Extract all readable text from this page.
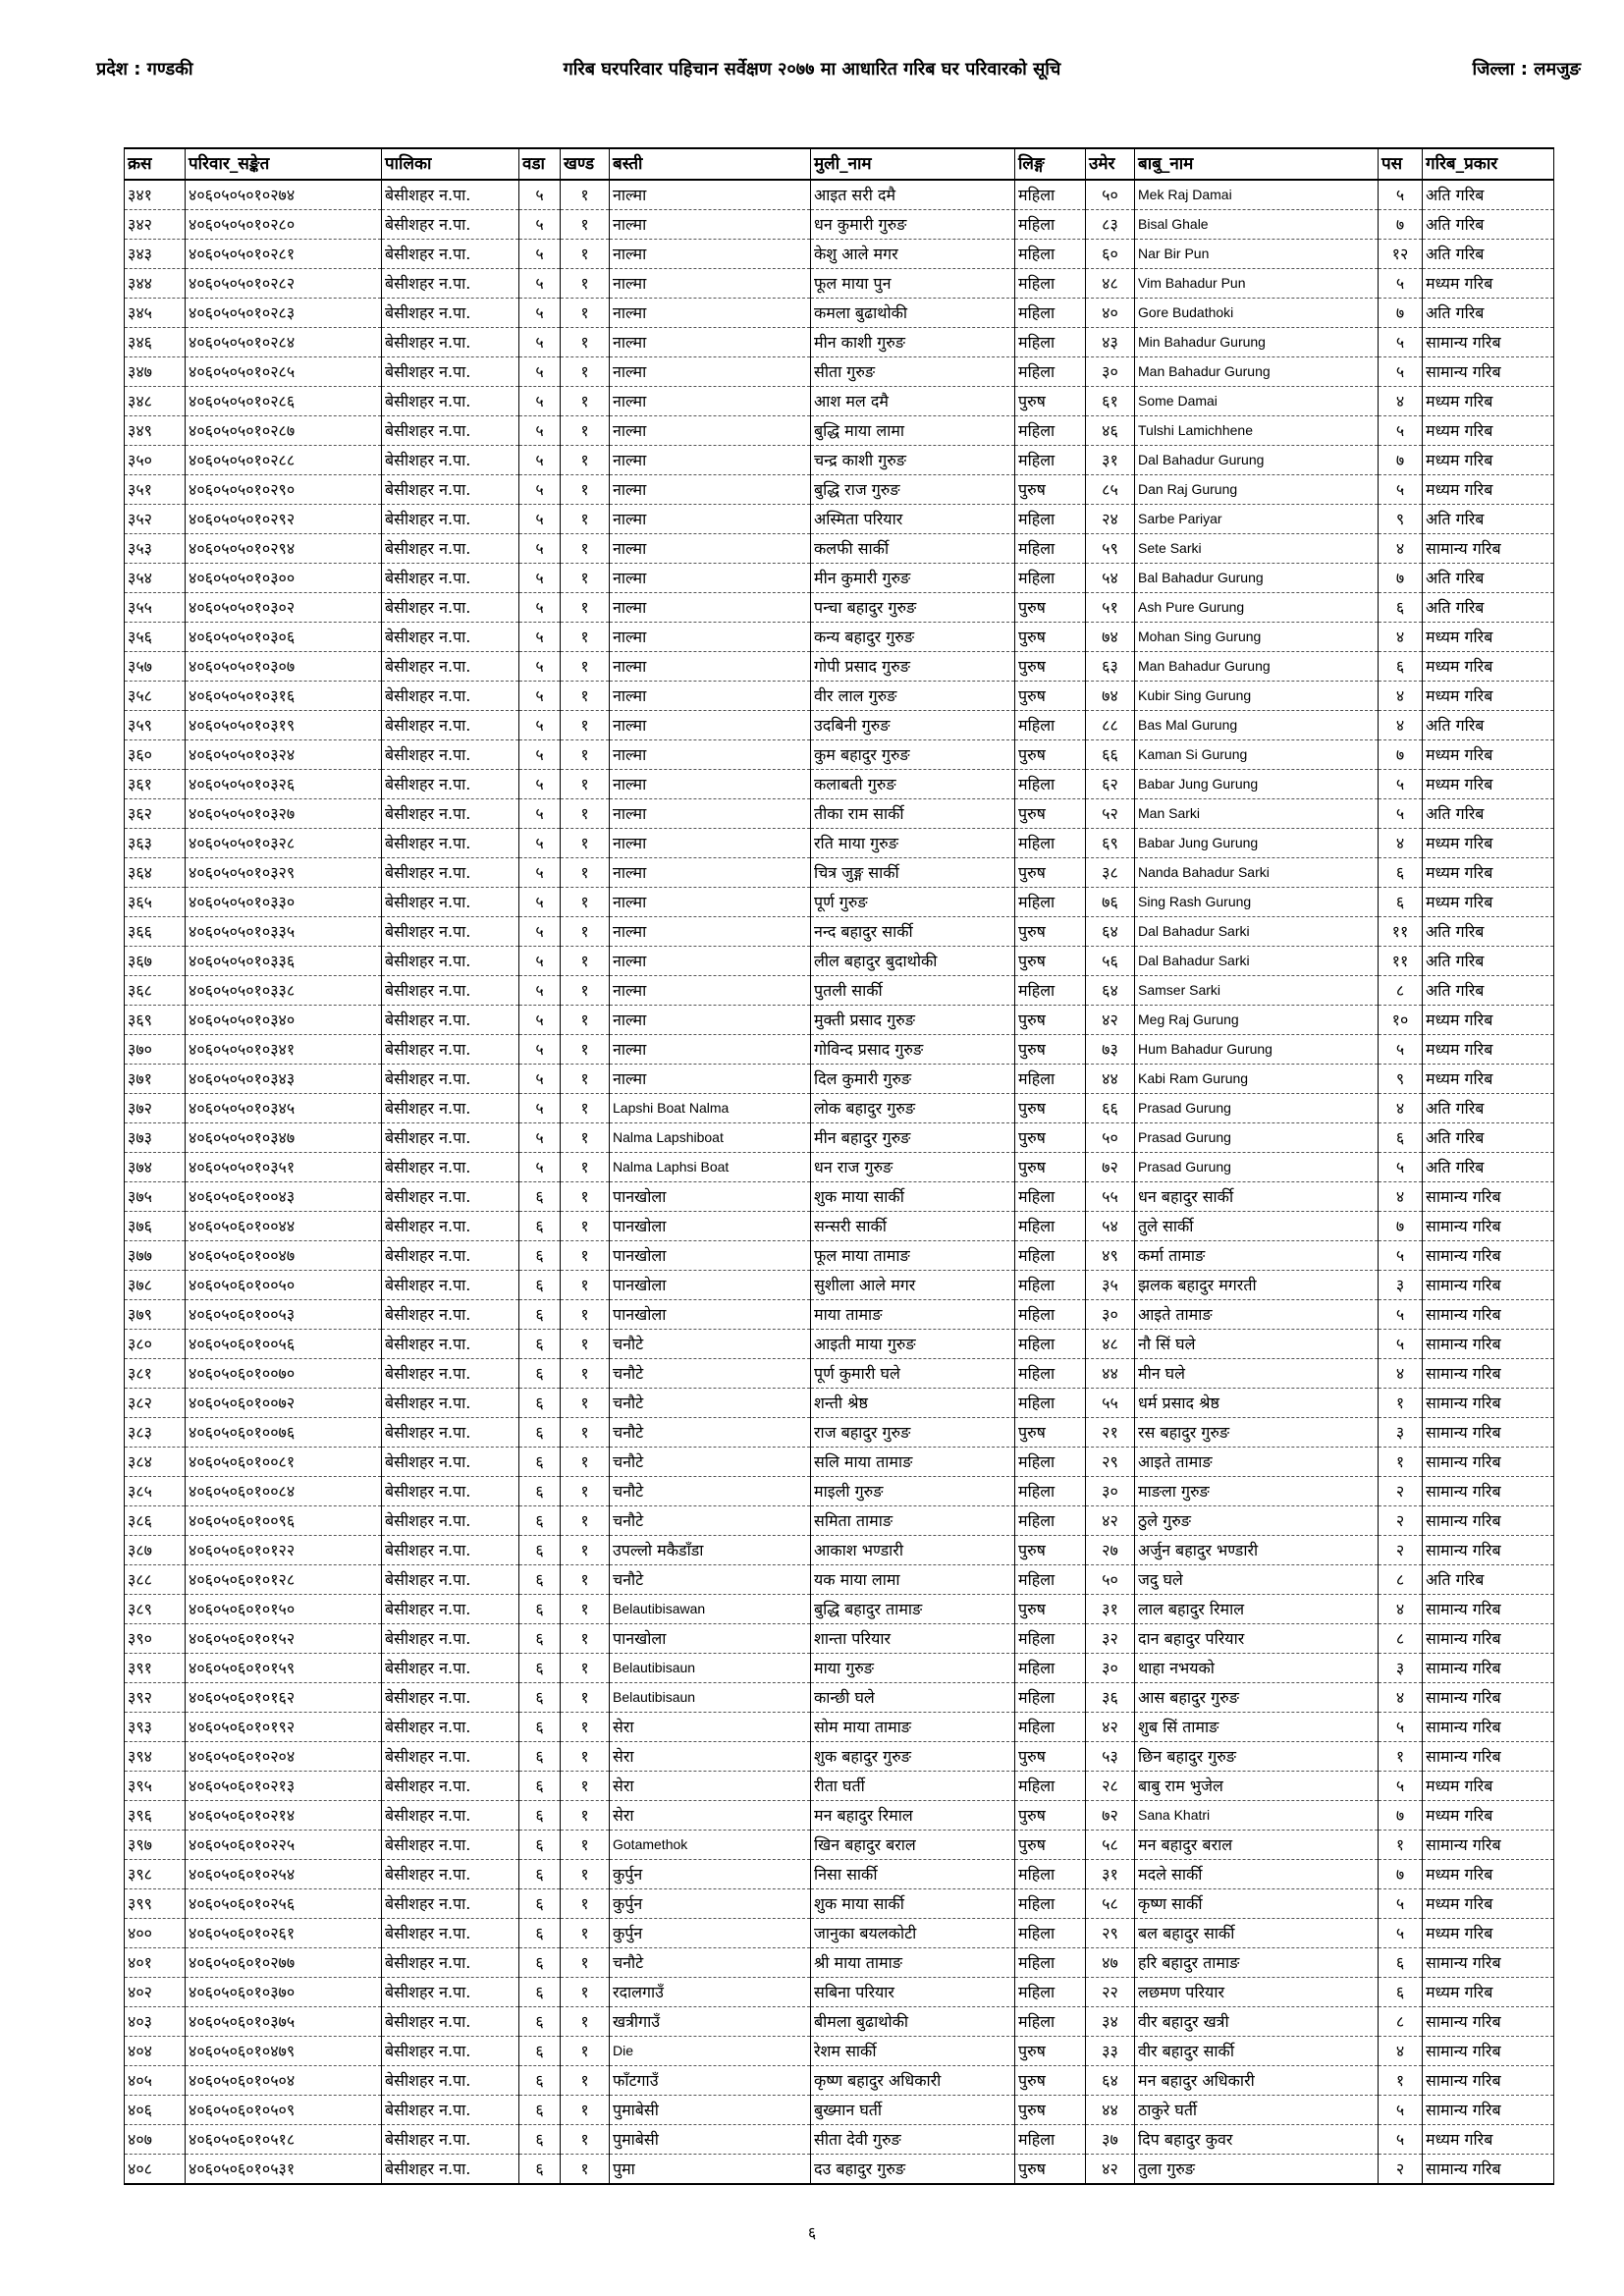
प्रदेश : गण्डकी	गरिब घरपरिवार पहिचान सर्वेक्षण २०७७ मा आधारित गरिब घर परिवारको सूचि	जिल्ला : लमजुङ
क्रस	परिवार_सङ्केत	पालिका	वडा	खण्ड	बस्ती	मुली_नाम	लिङ्ग	उमेर	बाबु_नाम	पस	गरिब_प्रकार
३४१	४०६०५०५०१०२७४	बेसीशहर न.पा.	५	१	नाल्मा	आइत सरी दमै	महिला	५०	Mek Raj Damai	५	अति गरिब
३४२	४०६०५०५०१०२८०	बेसीशहर न.पा.	५	१	नाल्मा	धन कुमारी गुरुङ	महिला	८३	Bisal Ghale	७	अति गरिब
३४३	४०६०५०५०१०२८१	बेसीशहर न.पा.	५	१	नाल्मा	केशु आले मगर	महिला	६०	Nar Bir Pun	१२	अति गरिब
३४४	४०६०५०५०१०२८२	बेसीशहर न.पा.	५	१	नाल्मा	फूल माया पुन	महिला	४८	Vim Bahadur Pun	५	मध्यम गरिब
३४५	४०६०५०५०१०२८३	बेसीशहर न.पा.	५	१	नाल्मा	कमला बुढाथोकी	महिला	४०	Gore Budathoki	७	अति गरिब
३४६	४०६०५०५०१०२८४	बेसीशहर न.पा.	५	१	नाल्मा	मीन काशी गुरुङ	महिला	४३	Min Bahadur Gurung	५	सामान्य गरिब
३४७	४०६०५०५०१०२८५	बेसीशहर न.पा.	५	१	नाल्मा	सीता गुरुङ	महिला	३०	Man Bahadur Gurung	५	सामान्य गरिब
३४८	४०६०५०५०१०२८६	बेसीशहर न.पा.	५	१	नाल्मा	आश मल दमै	पुरुष	६१	Some Damai	४	मध्यम गरिब
३४९	४०६०५०५०१०२८७	बेसीशहर न.पा.	५	१	नाल्मा	बुद्धि माया लामा	महिला	४६	Tulshi Lamichhene	५	मध्यम गरिब
३५०	४०६०५०५०१०२८८	बेसीशहर न.पा.	५	१	नाल्मा	चन्द्र काशी गुरुङ	महिला	३१	Dal Bahadur Gurung	७	मध्यम गरिब
३५१	४०६०५०५०१०२९०	बेसीशहर न.पा.	५	१	नाल्मा	बुद्धि राज गुरुङ	पुरुष	८५	Dan Raj Gurung	५	मध्यम गरिब
३५२	४०६०५०५०१०२९२	बेसीशहर न.पा.	५	१	नाल्मा	अस्मिता परियार	महिला	२४	Sarbe Pariyar	९	अति गरिब
३५३	४०६०५०५०१०२९४	बेसीशहर न.पा.	५	१	नाल्मा	कलफी सार्की	महिला	५९	Sete Sarki	४	सामान्य गरिब
३५४	४०६०५०५०१०३००	बेसीशहर न.पा.	५	१	नाल्मा	मीन कुमारी गुरुङ	महिला	५४	Bal Bahadur Gurung	७	अति गरिब
३५५	४०६०५०५०१०३०२	बेसीशहर न.पा.	५	१	नाल्मा	पन्चा बहादुर गुरुङ	पुरुष	५१	Ash Pure Gurung	६	अति गरिब
३५६	४०६०५०५०१०३०६	बेसीशहर न.पा.	५	१	नाल्मा	कन्य बहादुर गुरुङ	पुरुष	७४	Mohan Sing Gurung	४	मध्यम गरिब
३५७	४०६०५०५०१०३०७	बेसीशहर न.पा.	५	१	नाल्मा	गोपी प्रसाद गुरुङ	पुरुष	६३	Man Bahadur Gurung	६	मध्यम गरिब
३५८	४०६०५०५०१०३१६	बेसीशहर न.पा.	५	१	नाल्मा	वीर लाल गुरुङ	पुरुष	७४	Kubir Sing Gurung	४	मध्यम गरिब
३५९	४०६०५०५०१०३१९	बेसीशहर न.पा.	५	१	नाल्मा	उदबिनी गुरुङ	महिला	८८	Bas Mal Gurung	४	अति गरिब
३६०	४०६०५०५०१०३२४	बेसीशहर न.पा.	५	१	नाल्मा	कुम बहादुर गुरुङ	पुरुष	६६	Kaman Si Gurung	७	मध्यम गरिब
३६१	४०६०५०५०१०३२६	बेसीशहर न.पा.	५	१	नाल्मा	कलाबती गुरुङ	महिला	६२	Babar Jung Gurung	५	मध्यम गरिब
३६२	४०६०५०५०१०३२७	बेसीशहर न.पा.	५	१	नाल्मा	तीका राम सार्की	पुरुष	५२	Man Sarki	५	अति गरिब
३६३	४०६०५०५०१०३२८	बेसीशहर न.पा.	५	१	नाल्मा	रति माया गुरुङ	महिला	६९	Babar Jung Gurung	४	मध्यम गरिब
३६४	४०६०५०५०१०३२९	बेसीशहर न.पा.	५	१	नाल्मा	चित्र जुङ्ग सार्की	पुरुष	३८	Nanda Bahadur Sarki	६	मध्यम गरिब
३६५	४०६०५०५०१०३३०	बेसीशहर न.पा.	५	१	नाल्मा	पूर्ण गुरुङ	महिला	७६	Sing Rash Gurung	६	मध्यम गरिब
३६६	४०६०५०५०१०३३५	बेसीशहर न.पा.	५	१	नाल्मा	नन्द बहादुर सार्की	पुरुष	६४	Dal Bahadur Sarki	११	अति गरिब
३६७	४०६०५०५०१०३३६	बेसीशहर न.पा.	५	१	नाल्मा	लील बहादुर बुदाथोकी	पुरुष	५६	Dal Bahadur Sarki	११	अति गरिब
३६८	४०६०५०५०१०३३८	बेसीशहर न.पा.	५	१	नाल्मा	पुतली सार्की	महिला	६४	Samser Sarki	८	अति गरिब
३६९	४०६०५०५०१०३४०	बेसीशहर न.पा.	५	१	नाल्मा	मुक्ती प्रसाद गुरुङ	पुरुष	४२	Meg Raj Gurung	१०	मध्यम गरिब
३७०	४०६०५०५०१०३४१	बेसीशहर न.पा.	५	१	नाल्मा	गोविन्द प्रसाद गुरुङ	पुरुष	७३	Hum Bahadur Gurung	५	मध्यम गरिब
३७१	४०६०५०५०१०३४३	बेसीशहर न.पा.	५	१	नाल्मा	दिल कुमारी गुरुङ	महिला	४४	Kabi Ram Gurung	९	मध्यम गरिब
३७२	४०६०५०५०१०३४५	बेसीशहर न.पा.	५	१	Lapshi Boat Nalma	लोक बहादुर गुरुङ	पुरुष	६६	Prasad Gurung	४	अति गरिब
३७३	४०६०५०५०१०३४७	बेसीशहर न.पा.	५	१	Nalma Lapshiboat	मीन बहादुर गुरुङ	पुरुष	५०	Prasad Gurung	६	अति गरिब
३७४	४०६०५०५०१०३५१	बेसीशहर न.पा.	५	१	Nalma Laphsi Boat	धन राज गुरुङ	पुरुष	७२	Prasad Gurung	५	अति गरिब
३७५	४०६०५०६०१००४३	बेसीशहर न.पा.	६	१	पानखोला	शुक माया सार्की	महिला	५५	धन बहादुर सार्की	४	सामान्य गरिब
३७६	४०६०५०६०१००४४	बेसीशहर न.पा.	६	१	पानखोला	सन्सरी सार्की	महिला	५४	तुले सार्की	७	सामान्य गरिब
३७७	४०६०५०६०१००४७	बेसीशहर न.पा.	६	१	पानखोला	फूल माया तामाङ	महिला	४९	कर्मा तामाङ	५	सामान्य गरिब
३७८	४०६०५०६०१००५०	बेसीशहर न.पा.	६	१	पानखोला	सुशीला आले मगर	महिला	३५	झलक बहादुर मगरती	३	सामान्य गरिब
३७९	४०६०५०६०१००५३	बेसीशहर न.पा.	६	१	पानखोला	माया तामाङ	महिला	३०	आइते तामाङ	५	सामान्य गरिब
३८०	४०६०५०६०१००५६	बेसीशहर न.पा.	६	१	चनौटे	आइती माया गुरुङ	महिला	४८	नौ सिं घले	५	सामान्य गरिब
३८१	४०६०५०६०१००७०	बेसीशहर न.पा.	६	१	चनौटे	पूर्ण कुमारी घले	महिला	४४	मीन घले	४	सामान्य गरिब
३८२	४०६०५०६०१००७२	बेसीशहर न.पा.	६	१	चनौटे	शन्ती श्रेष्ठ	महिला	५५	धर्म प्रसाद श्रेष्ठ	१	सामान्य गरिब
३८३	४०६०५०६०१००७६	बेसीशहर न.पा.	६	१	चनौटे	राज बहादुर गुरुङ	पुरुष	२१	रस बहादुर गुरुङ	३	सामान्य गरिब
३८४	४०६०५०६०१००८१	बेसीशहर न.पा.	६	१	चनौटे	सलि माया तामाङ	महिला	२९	आइते तामाङ	१	सामान्य गरिब
३८५	४०६०५०६०१००८४	बेसीशहर न.पा.	६	१	चनौटे	माइली गुरुङ	महिला	३०	माङला गुरुङ	२	सामान्य गरिब
३८६	४०६०५०६०१००९६	बेसीशहर न.पा.	६	१	चनौटे	समिता तामाङ	महिला	४२	ठुले गुरुङ	२	सामान्य गरिब
३८७	४०६०५०६०१०१२२	बेसीशहर न.पा.	६	१	उपल्लो मकैडाँडा	आकाश भण्डारी	पुरुष	२७	अर्जुन बहादुर भण्डारी	२	सामान्य गरिब
३८८	४०६०५०६०१०१२८	बेसीशहर न.पा.	६	१	चनौटे	यक माया लामा	महिला	५०	जदु घले	८	अति गरिब
३८९	४०६०५०६०१०१५०	बेसीशहर न.पा.	६	१	Belautibisawan	बुद्धि बहादुर तामाङ	पुरुष	३१	लाल बहादुर रिमाल	४	सामान्य गरिब
३९०	४०६०५०६०१०१५२	बेसीशहर न.पा.	६	१	पानखोला	शान्ता परियार	महिला	३२	दान बहादुर परियार	८	सामान्य गरिब
३९१	४०६०५०६०१०१५९	बेसीशहर न.पा.	६	१	Belautibisaun	माया गुरुङ	महिला	३०	थाहा नभयको	३	सामान्य गरिब
३९२	४०६०५०६०१०१६२	बेसीशहर न.पा.	६	१	Belautibisaun	कान्छी घले	महिला	३६	आस बहादुर गुरुङ	४	सामान्य गरिब
३९३	४०६०५०६०१०१९२	बेसीशहर न.पा.	६	१	सेरा	सोम माया तामाङ	महिला	४२	शुब सिं तामाङ	५	सामान्य गरिब
३९४	४०६०५०६०१०२०४	बेसीशहर न.पा.	६	१	सेरा	शुक बहादुर गुरुङ	पुरुष	५३	छिन बहादुर गुरुङ	१	सामान्य गरिब
३९५	४०६०५०६०१०२१३	बेसीशहर न.पा.	६	१	सेरा	रीता घर्ती	महिला	२८	बाबु राम भुजेल	५	मध्यम गरिब
३९६	४०६०५०६०१०२१४	बेसीशहर न.पा.	६	१	सेरा	मन बहादुर रिमाल	पुरुष	७२	Sana Khatri	७	मध्यम गरिब
३९७	४०६०५०६०१०२२५	बेसीशहर न.पा.	६	१	Gotamethok	खिन बहादुर बराल	पुरुष	५८	मन बहादुर बराल	१	सामान्य गरिब
३९८	४०६०५०६०१०२५४	बेसीशहर न.पा.	६	१	कुर्पुन	निसा सार्की	महिला	३१	मदले सार्की	७	मध्यम गरिब
३९९	४०६०५०६०१०२५६	बेसीशहर न.पा.	६	१	कुर्पुन	शुक माया सार्की	महिला	५८	कृष्ण सार्की	५	मध्यम गरिब
४००	४०६०५०६०१०२६१	बेसीशहर न.पा.	६	१	कुर्पुन	जानुका बयलकोटी	महिला	२९	बल बहादुर सार्की	५	मध्यम गरिब
४०१	४०६०५०६०१०२७७	बेसीशहर न.पा.	६	१	चनौटे	श्री माया तामाङ	महिला	४७	हरि बहादुर तामाङ	६	सामान्य गरिब
४०२	४०६०५०६०१०३७०	बेसीशहर न.पा.	६	१	रदालगाउँ	सबिना परियार	महिला	२२	लछमण परियार	६	मध्यम गरिब
४०३	४०६०५०६०१०३७५	बेसीशहर न.पा.	६	१	खत्रीगाउँ	बीमला बुढाथोकी	महिला	३४	वीर बहादुर खत्री	८	सामान्य गरिब
४०४	४०६०५०६०१०४७९	बेसीशहर न.पा.	६	१	Die	रेशम सार्की	पुरुष	३३	वीर बहादुर सार्की	४	सामान्य गरिब
४०५	४०६०५०६०१०५०४	बेसीशहर न.पा.	६	१	फाँटगाउँ	कृष्ण बहादुर अधिकारी	पुरुष	६४	मन बहादुर अधिकारी	१	सामान्य गरिब
४०६	४०६०५०६०१०५०९	बेसीशहर न.पा.	६	१	पुमाबेसी	बुख्मान घर्ती	पुरुष	४४	ठाकुरे घर्ती	५	सामान्य गरिब
४०७	४०६०५०६०१०५१८	बेसीशहर न.पा.	६	१	पुमाबेसी	सीता देवी गुरुङ	महिला	३७	दिप बहादुर कुवर	५	मध्यम गरिब
४०८	४०६०५०६०१०५३१	बेसीशहर न.पा.	६	१	पुमा	दउ बहादुर गुरुङ	पुरुष	४२	तुला गुरुङ	२	सामान्य गरिब
६
